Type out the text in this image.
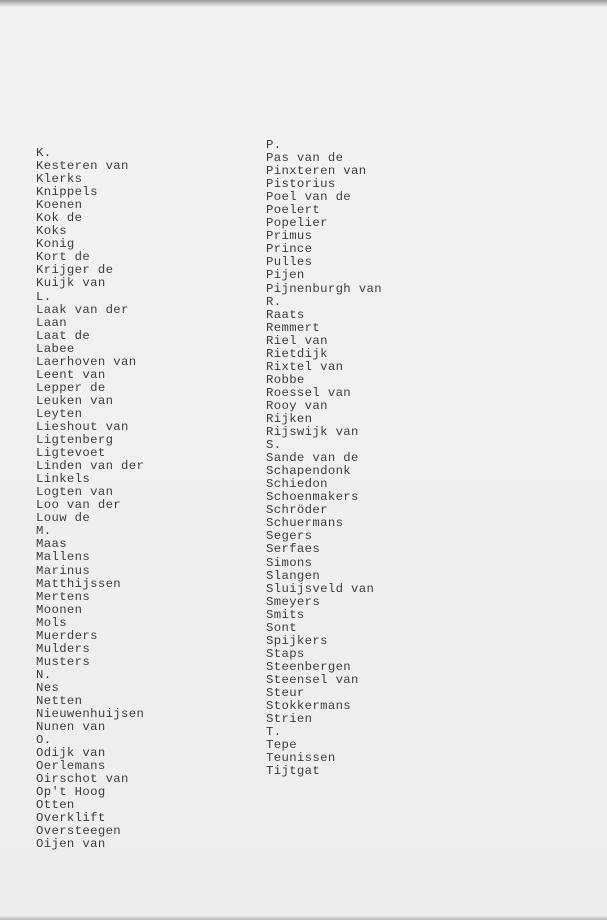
K.
Kesteren van
Klerks
Knippels
Koenen
Kok de
Koks
Konig
Kort de
Krijger de
Kuijk van
L.
Laak van der
Laan
Laat de
Labee
Laerhoven van
Leent van
Lepper de
Leuken van
Leyten
Lieshout van
Ligtenberg
Ligtevoet
Linden van der
Linkels
Logten van
Loo van der
Louw de
M.
Maas
Mallens
Marinus
Matthijssen
Mertens
Moonen
Mols
Muerders
Mulders
Musters
N.
Nes
Netten
Nieuwenhuijsen
Nunen van
O.
Odijk van
Oerlemans
Oirschot van
Op't Hoog
Otten
Overklift
Oversteegen
Oijen van
P.
Pas van de
Pinxteren van
Pistorius
Poel van de
Poelert
Popelier
Primus
Prince
Pulles
Pijen
Pijnenburgh van
R.
Raats
Remmert
Riel van
Rietdijk
Rixtel van
Robbe
Roessel van
Rooy van
Rijken
Rijswijk van
S.
Sande van de
Schapendonk
Schiedon
Schoenmakers
Schröder
Schuermans
Segers
Serfaes
Simons
Slangen
Sluijsveld van
Smeyers
Smits
Sont
Spijkers
Staps
Steenbergen
Steensel van
Steur
Stokkermans
Strien
T.
Tepe
Teunissen
Tijtgat
